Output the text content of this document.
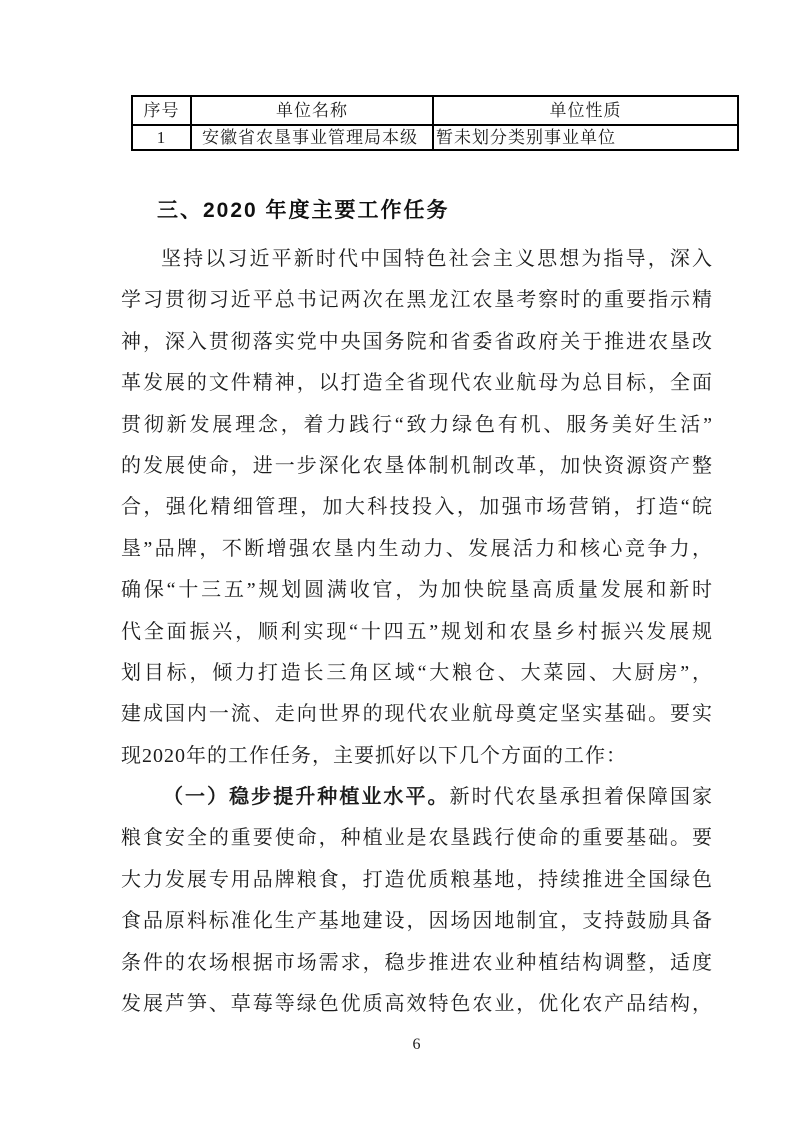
序号	单位名称	单位性质
1	安徽省农垦事业管理局本级	暂未划分类别事业单位
三、2020 年度主要工作任务
坚持以习近平新时代中国特色社会主义思想为指导，深入
学习贯彻习近平总书记两次在黑龙江农垦考察时的重要指示精
神，深入贯彻落实党中央国务院和省委省政府关于推进农垦改
革发展的文件精神，以打造全省现代农业航母为总目标，全面
贯彻新发展理念，着力践行“致力绿色有机、服务美好生活”
的发展使命，进一步深化农垦体制机制改革，加快资源资产整
合，强化精细管理，加大科技投入，加强市场营销，打造“皖
垦”品牌，不断增强农垦内生动力、发展活力和核心竞争力，
确保“十三五”规划圆满收官，为加快皖垦高质量发展和新时
代全面振兴，顺利实现“十四五”规划和农垦乡村振兴发展规
划目标，倾力打造长三角区域“大粮仓、大菜园、大厨房”，
建成国内一流、走向世界的现代农业航母奠定坚实基础。要实
现2020年的工作任务，主要抓好以下几个方面的工作：
（一）稳步提升种植业水平。新时代农垦承担着保障国家
粮食安全的重要使命，种植业是农垦践行使命的重要基础。要
大力发展专用品牌粮食，打造优质粮基地，持续推进全国绿色
食品原料标准化生产基地建设，因场因地制宜，支持鼓励具备
条件的农场根据市场需求，稳步推进农业种植结构调整，适度
发展芦笋、草莓等绿色优质高效特色农业，优化农产品结构，
6
